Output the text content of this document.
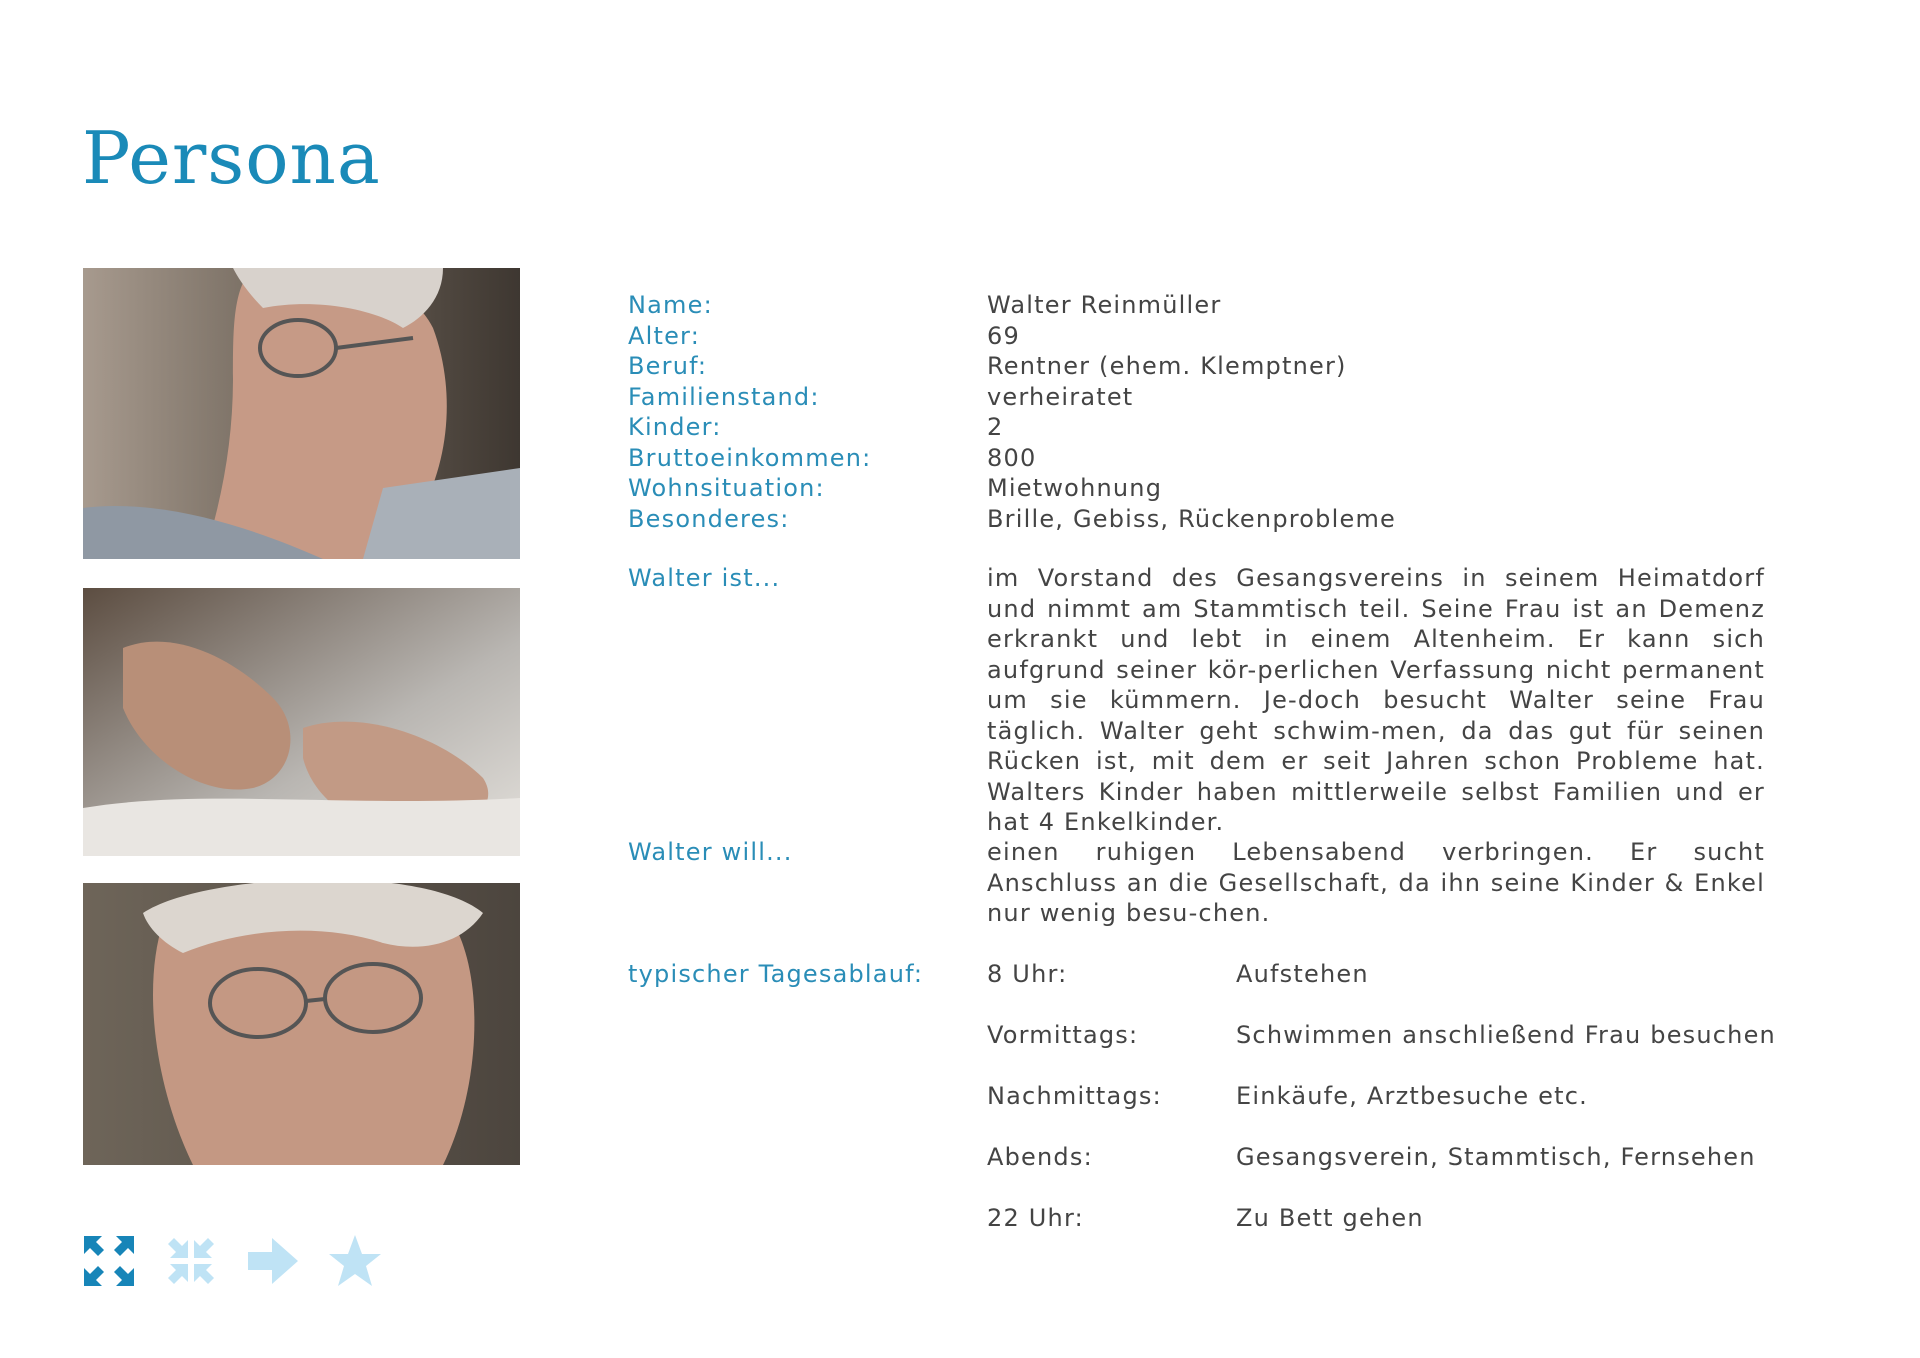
Persona
Name:	Walter Reinmüller
Alter:	69
Beruf:	Rentner (ehem. Klemptner)
Familienstand:	verheiratet
Kinder:	2
Bruttoeinkommen:	800
Wohnsituation:	Mietwohnung
Besonderes:	Brille, Gebiss, Rückenprobleme
Walter ist...	im Vorstand des Gesangsvereins in seinem Heimatdorf und nimmt am Stammtisch teil. Seine Frau ist an Demenz erkrankt und lebt in einem Altenheim. Er kann sich aufgrund seiner kör-perlichen Verfassung nicht permanent um sie kümmern. Je-doch besucht Walter seine Frau täglich. Walter geht schwim-men, da das gut für seinen Rücken ist, mit dem er seit Jahren schon Probleme hat. Walters Kinder haben mittlerweile selbst Familien und er hat 4 Enkelkinder.
Walter will...	einen ruhigen Lebensabend verbringen. Er sucht Anschluss an die Gesellschaft, da ihn seine Kinder & Enkel nur wenig besu-chen.
typischer Tagesablauf:	8 Uhr:	Aufstehen
Vormittags:	Schwimmen anschließend Frau besuchen
Nachmittags:	Einkäufe, Arztbesuche etc.
Abends:	Gesangsverein, Stammtisch, Fernsehen
22 Uhr:	Zu Bett gehen
